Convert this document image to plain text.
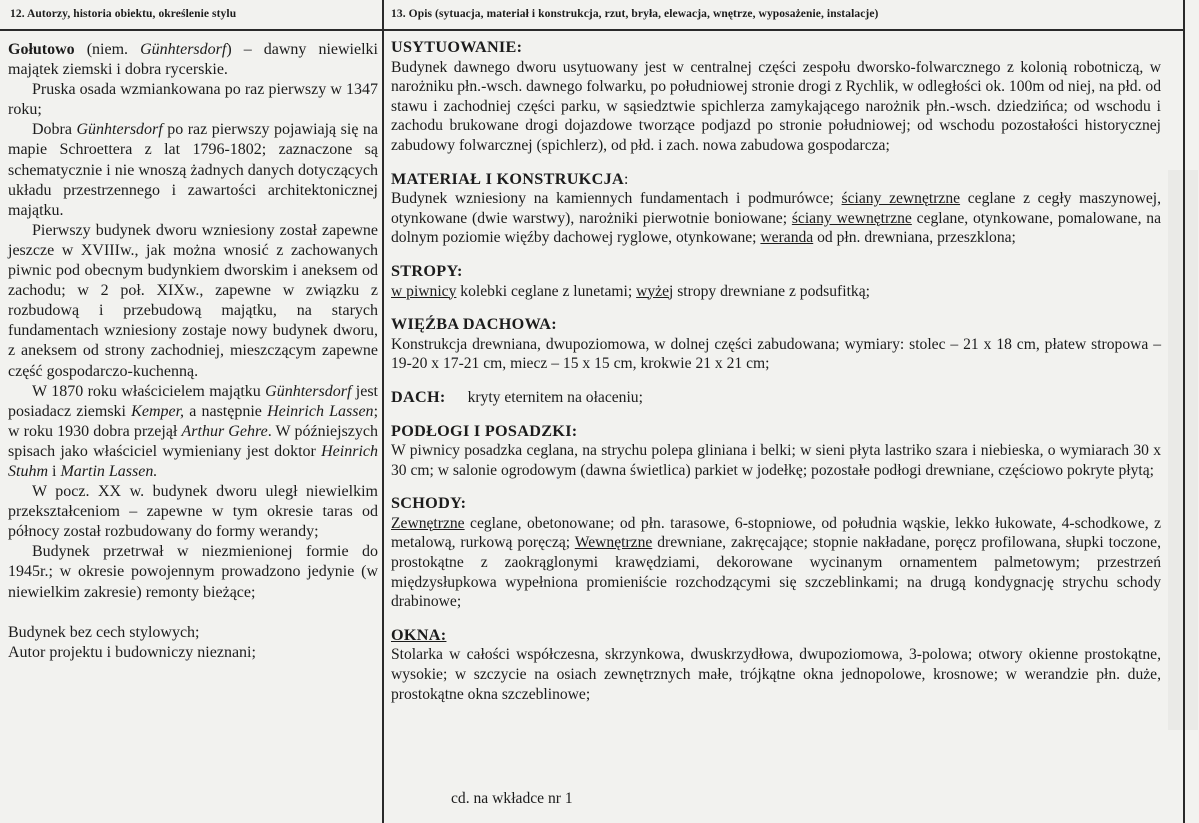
12. Autorzy, historia obiektu, określenie stylu	13. Opis (sytuacja, materiał i konstrukcja, rzut, bryła, elewacja, wnętrze, wyposażenie, instalacje)

Gołutowo (niem. Günhtersdorf) – dawny niewielki majątek ziemski i dobra rycerskie.

Pruska osada wzmiankowana po raz pierwszy w 1347 roku;

Dobra Günhtersdorf po raz pierwszy pojawiają się na mapie Schroettera z lat 1796-1802; zaznaczone są schematycznie i nie wnoszą żadnych danych dotyczących układu przestrzennego i zawartości architektonicznej majątku.

Pierwszy budynek dworu wzniesiony został zapewne jeszcze w XVIIIw., jak można wnosić z zachowanych piwnic pod obecnym budynkiem dworskim i aneksem od zachodu; w 2 poł. XIXw., zapewne w związku z rozbudową i przebudową majątku, na starych fundamentach wzniesiony zostaje nowy budynek dworu, z aneksem od strony zachodniej, mieszczącym zapewne część gospodarczo-kuchenną.

W 1870 roku właścicielem majątku Günhtersdorf jest posiadacz ziemski Kemper, a następnie Heinrich Lassen; w roku 1930 dobra przejął Arthur Gehre. W późniejszych spisach jako właściciel wymieniany jest doktor Heinrich Stuhm i Martin Lassen.

W pocz. XX w. budynek dworu uległ niewielkim przekształceniom – zapewne w tym okresie taras od północy został rozbudowany do formy werandy;

Budynek przetrwał w niezmienionej formie do 1945r.; w okresie powojennym prowadzono jedynie (w niewielkim zakresie) remonty bieżące;

Budynek bez cech stylowych;

Autor projektu i budowniczy nieznani;

USYTUOWANIE:
Budynek dawnego dworu usytuowany jest w centralnej części zespołu dworsko-folwarcznego z kolonią robotniczą, w narożniku płn.-wsch. dawnego folwarku, po południowej stronie drogi z Rychlik, w odległości ok. 100m od niej, na płd. od stawu i zachodniej części parku, w sąsiedztwie spichlerza zamykającego narożnik płn.-wsch. dziedzińca; od wschodu i zachodu brukowane drogi dojazdowe tworzące podjazd po stronie południowej; od wschodu pozostałości historycznej zabudowy folwarcznej (spichlerz), od płd. i zach. nowa zabudowa gospodarcza;
MATERIAŁ I KONSTRUKCJA:
Budynek wzniesiony na kamiennych fundamentach i podmurówce; ściany zewnętrzne ceglane z cegły maszynowej, otynkowane (dwie warstwy), narożniki pierwotnie boniowane; ściany wewnętrzne ceglane, otynkowane, pomalowane, na dolnym poziomie więźby dachowej ryglowe, otynkowane; weranda od płn. drewniana, przeszklona;
STROPY:
w piwnicy kolebki ceglane z lunetami; wyżej stropy drewniane z podsufitką;
WIĘŹBA DACHOWA:
Konstrukcja drewniana, dwupoziomowa, w dolnej części zabudowana; wymiary: stolec – 21 x 18 cm, płatew stropowa – 19-20 x 17-21 cm, miecz – 15 x 15 cm, krokwie 21 x 21 cm;
DACH: kryty eternitem na ołaceniu;
PODŁOGI I POSADZKI:
W piwnicy posadzka ceglana, na strychu polepa gliniana i belki; w sieni płyta lastriko szara i niebieska, o wymiarach 30 x 30 cm; w salonie ogrodowym (dawna świetlica) parkiet w jodełkę; pozostałe podłogi drewniane, częściowo pokryte płytą;
SCHODY:
Zewnętrzne ceglane, obetonowane; od płn. tarasowe, 6-stopniowe, od południa wąskie, lekko łukowate, 4-schodkowe, z metalową, rurkową poręczą; Wewnętrzne drewniane, zakręcające; stopnie nakładane, poręcz profilowana, słupki toczone, prostokątne z zaokrąglonymi krawędziami, dekorowane wycinanym ornamentem palmetowym; przestrzeń międzysłupkowa wypełniona promieniście rozchodzącymi się szczeblinkami; na drugą kondygnację strychu schody drabinowe;
OKNA:
Stolarka w całości współczesna, skrzynkowa, dwuskrzydłowa, dwupoziomowa, 3-polowa; otwory okienne prostokątne, wysokie; w szczycie na osiach zewnętrznych małe, trójkątne okna jednopolowe, krosnowe; w werandzie płn. duże, prostokątne okna szczeblinowe;
cd. na wkładce nr 1
